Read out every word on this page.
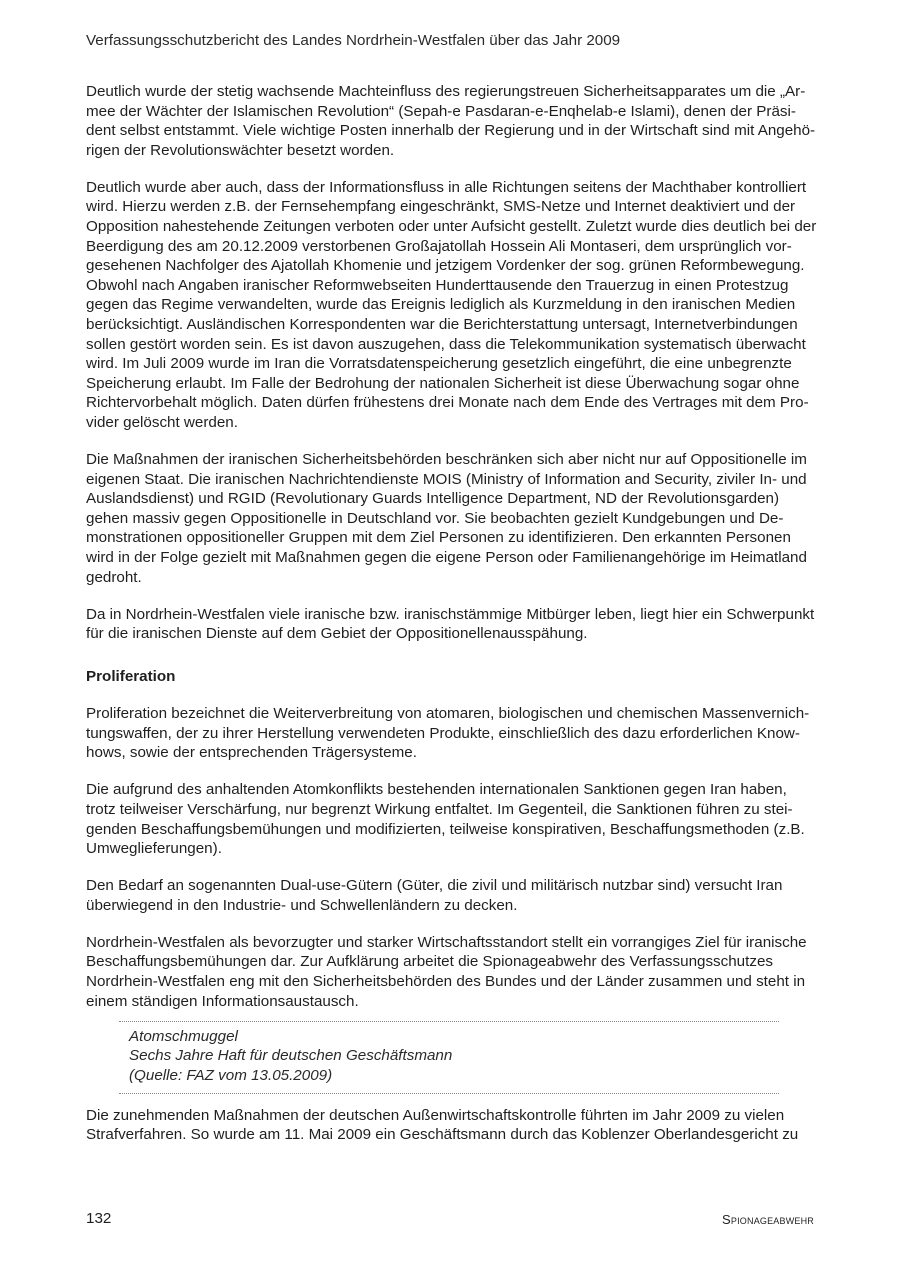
Verfassungsschutzbericht des Landes Nordrhein-Westfalen über das Jahr 2009
Deutlich wurde der stetig wachsende Machteinfluss des regierungstreuen Sicherheitsapparates um die „Ar-
mee der Wächter der Islamischen Revolution“ (Sepah-e Pasdaran-e-Enqhelab-e Islami), denen der Präsi-
dent selbst entstammt. Viele wichtige Posten innerhalb der Regierung und in der Wirtschaft sind mit Angehö-
rigen der Revolutionswächter besetzt worden.
Deutlich wurde aber auch, dass der Informationsfluss in alle Richtungen seitens der Machthaber kontrolliert
wird. Hierzu werden z.B. der Fernsehempfang eingeschränkt, SMS-Netze und Internet deaktiviert und der
Opposition nahestehende Zeitungen verboten oder unter Aufsicht gestellt. Zuletzt wurde dies deutlich bei der
Beerdigung des am 20.12.2009 verstorbenen Großajatollah Hossein Ali Montaseri, dem ursprünglich vor-
gesehenen Nachfolger des Ajatollah Khomenie und jetzigem Vordenker der sog. grünen Reformbewegung.
Obwohl nach Angaben iranischer Reformwebseiten Hunderttausende den Trauerzug in einen Protestzug
gegen das Regime verwandelten, wurde das Ereignis lediglich als Kurzmeldung in den iranischen Medien
berücksichtigt. Ausländischen Korrespondenten war die Berichterstattung untersagt, Internetverbindungen
sollen gestört worden sein. Es ist davon auszugehen, dass die Telekommunikation systematisch überwacht
wird. Im Juli 2009 wurde im Iran die Vorratsdatenspeicherung gesetzlich eingeführt, die eine unbegrenzte
Speicherung erlaubt. Im Falle der Bedrohung der nationalen Sicherheit ist diese Überwachung sogar ohne
Richtervorbehalt möglich. Daten dürfen frühestens drei Monate nach dem Ende des Vertrages mit dem Pro-
vider gelöscht werden.
Die Maßnahmen der iranischen Sicherheitsbehörden beschränken sich aber nicht nur auf Oppositionelle im
eigenen Staat. Die iranischen Nachrichtendienste MOIS (Ministry of Information and Security, ziviler In- und
Auslandsdienst) und RGID (Revolutionary Guards Intelligence Department, ND der Revolutionsgarden)
gehen massiv gegen Oppositionelle in Deutschland vor. Sie beobachten gezielt Kundgebungen und De-
monstrationen oppositioneller Gruppen mit dem Ziel Personen zu identifizieren. Den erkannten Personen
wird in der Folge gezielt mit Maßnahmen gegen die eigene Person oder Familienangehörige im Heimatland
gedroht.
Da in Nordrhein-Westfalen viele iranische bzw. iranischstämmige Mitbürger leben, liegt hier ein Schwerpunkt
für die iranischen Dienste auf dem Gebiet der Oppositionellenausspähung.
Proliferation
Proliferation bezeichnet die Weiterverbreitung von atomaren, biologischen und chemischen Massenvernich-
tungswaffen, der zu ihrer Herstellung verwendeten Produkte, einschließlich des dazu erforderlichen Know-
hows, sowie der entsprechenden Trägersysteme.
Die aufgrund des anhaltenden Atomkonflikts bestehenden internationalen Sanktionen gegen Iran haben,
trotz teilweiser Verschärfung, nur begrenzt Wirkung entfaltet. Im Gegenteil, die Sanktionen führen zu stei-
genden Beschaffungsbemühungen und modifizierten, teilweise konspirativen, Beschaffungsmethoden (z.B.
Umweglieferungen).
Den Bedarf an sogenannten Dual-use-Gütern (Güter, die zivil und militärisch nutzbar sind) versucht Iran
überwiegend in den Industrie- und Schwellenländern zu decken.
Nordrhein-Westfalen als bevorzugter und starker Wirtschaftsstandort stellt ein vorrangiges Ziel für iranische
Beschaffungsbemühungen dar. Zur Aufklärung arbeitet die Spionageabwehr des Verfassungsschutzes
Nordrhein-Westfalen eng mit den Sicherheitsbehörden des Bundes und der Länder zusammen und steht in
einem ständigen Informationsaustausch.
Atomschmuggel
Sechs Jahre Haft für deutschen Geschäftsmann
(Quelle: FAZ vom 13.05.2009)
Die zunehmenden Maßnahmen der deutschen Außenwirtschaftskontrolle führten im Jahr 2009 zu vielen
Strafverfahren. So wurde am 11. Mai 2009 ein Geschäftsmann durch das Koblenzer Oberlandesgericht zu
132	Spionageabwehr
